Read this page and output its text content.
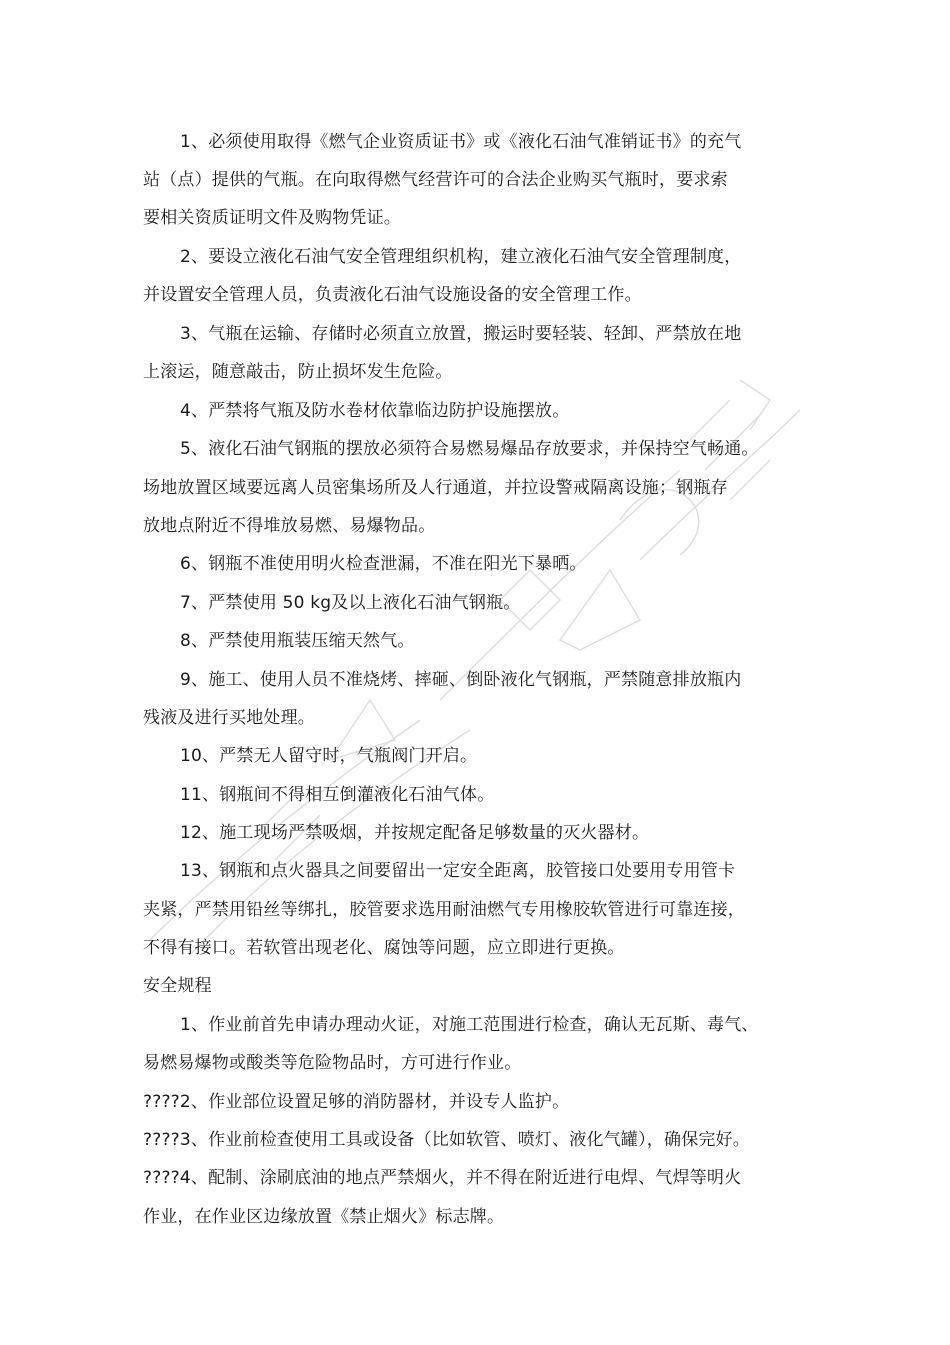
1、必须使用取得《燃气企业资质证书》或《液化石油气准销证书》的充气
站（点）提供的气瓶。在向取得燃气经营许可的合法企业购买气瓶时，要求索
要相关资质证明文件及购物凭证。
2、要设立液化石油气安全管理组织机构，建立液化石油气安全管理制度，
并设置安全管理人员，负责液化石油气设施设备的安全管理工作。
3、气瓶在运输、存储时必须直立放置，搬运时要轻装、轻卸、严禁放在地
上滚运，随意敲击，防止损坏发生危险。
4、严禁将气瓶及防水卷材依靠临边防护设施摆放。
5、液化石油气钢瓶的摆放必须符合易燃易爆品存放要求，并保持空气畅通。
场地放置区域要远离人员密集场所及人行通道，并拉设警戒隔离设施；钢瓶存
放地点附近不得堆放易燃、易爆物品。
6、钢瓶不准使用明火检查泄漏，不准在阳光下暴晒。
7、严禁使用 50 kg及以上液化石油气钢瓶。
8、严禁使用瓶装压缩天然气。
9、施工、使用人员不准烧烤、摔砸、倒卧液化气钢瓶，严禁随意排放瓶内
残液及进行买地处理。
10、严禁无人留守时，气瓶阀门开启。
11、钢瓶间不得相互倒灌液化石油气体。
12、施工现场严禁吸烟，并按规定配备足够数量的灭火器材。
13、钢瓶和点火器具之间要留出一定安全距离，胶管接口处要用专用管卡
夹紧，严禁用铅丝等绑扎，胶管要求选用耐油燃气专用橡胶软管进行可靠连接，
不得有接口。若软管出现老化、腐蚀等问题，应立即进行更换。
安全规程
1、作业前首先申请办理动火证，对施工范围进行检查，确认无瓦斯、毒气、
易燃易爆物或酸类等危险物品时，方可进行作业。
????2、作业部位设置足够的消防器材，并设专人监护。
????3、作业前检查使用工具或设备（比如软管、喷灯、液化气罐），确保完好。
????4、配制、涂刷底油的地点严禁烟火，并不得在附近进行电焊、气焊等明火
作业，在作业区边缘放置《禁止烟火》标志牌。
